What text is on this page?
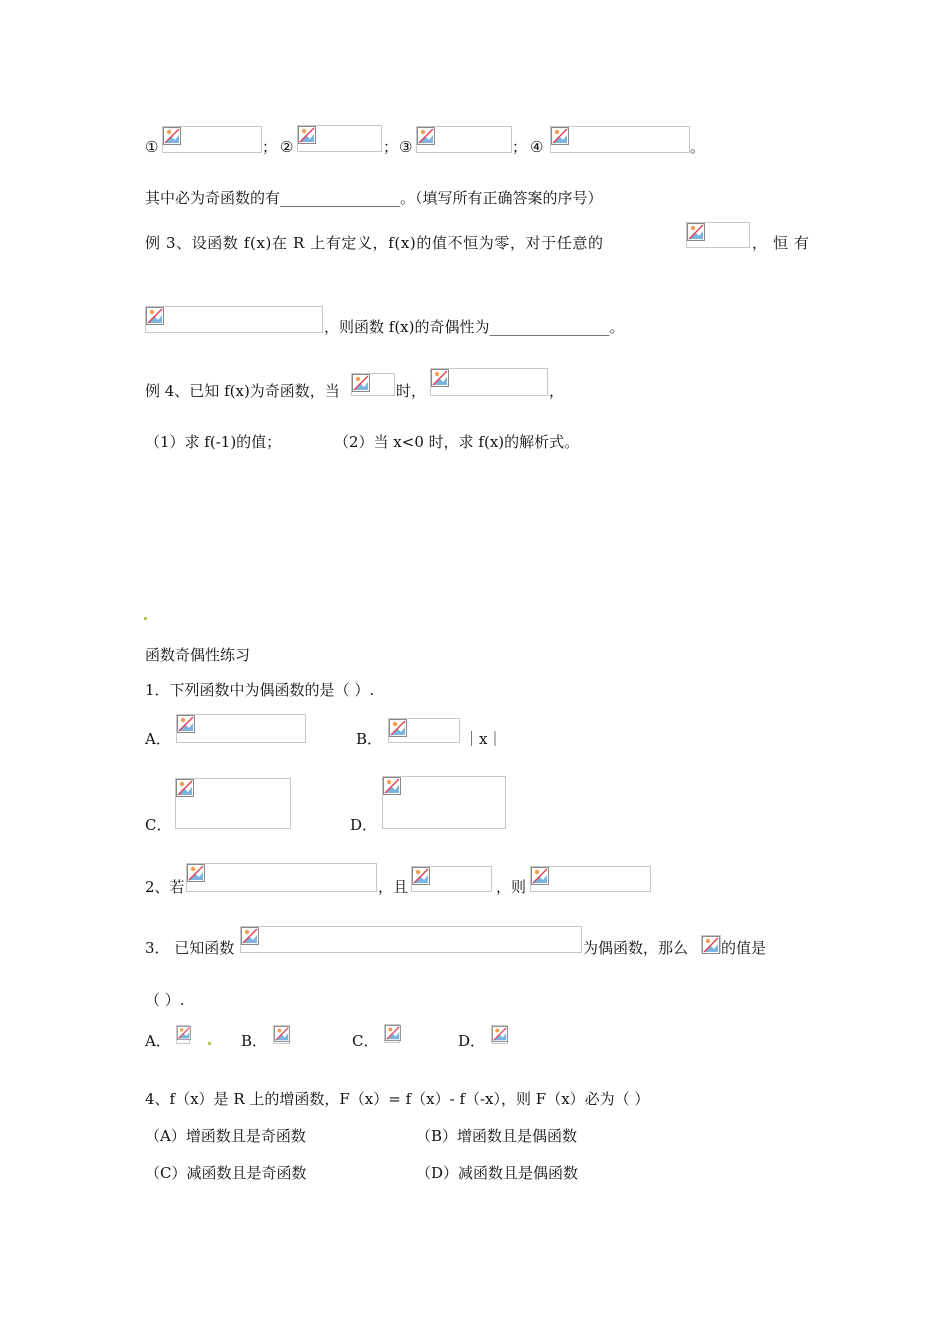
①	； ②	； ③	； ④	。
其中必为奇函数的有________________。（填写所有正确答案的序号）
例 3、设函数 f(x)在 R 上有定义，f(x)的值不恒为零，对于任意的	，恒有
，则函数 f(x)的奇偶性为________________。
例 4、已知 f(x)为奇函数，当	时，	，
（1）求 f(-1)的值；	（2）当 x<0 时，求 f(x)的解析式。
函数奇偶性练习
1．下列函数中为偶函数的是（ ）.
A．	B．	｜x｜
C．	D．
2、若	，且	，则
3． 已知函数	为偶函数，那么 的值是
（ ）.
A．	B．	C．	D．
4、f（x）是 R 上的增函数，F（x）= f（x）- f（-x），则 F（x）必为（ ）
（A）增函数且是奇函数	（B）增函数且是偶函数
（C）减函数且是奇函数	（D）减函数且是偶函数
